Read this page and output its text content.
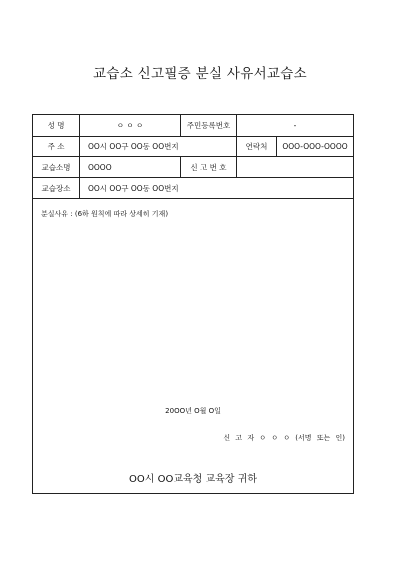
교습소 신고필증 분실 사유서교습소
성 명	ㅇ ㅇ ㅇ	주민등록번호	-
주 소	OO시 OO구 OO동 OO번지	연락처	OOO-OOO-OOOO
교습소명	OOOO	신 고 번 호
교습장소	OO시 OO구 OO동 OO번지
분실사유 : (6하 원칙에 따라 상세히 기재)
20OO년 O월 O일
신 고 자 ㅇ ㅇ ㅇ (서명 또는 인)
OO시 OO교육청 교육장 귀하
